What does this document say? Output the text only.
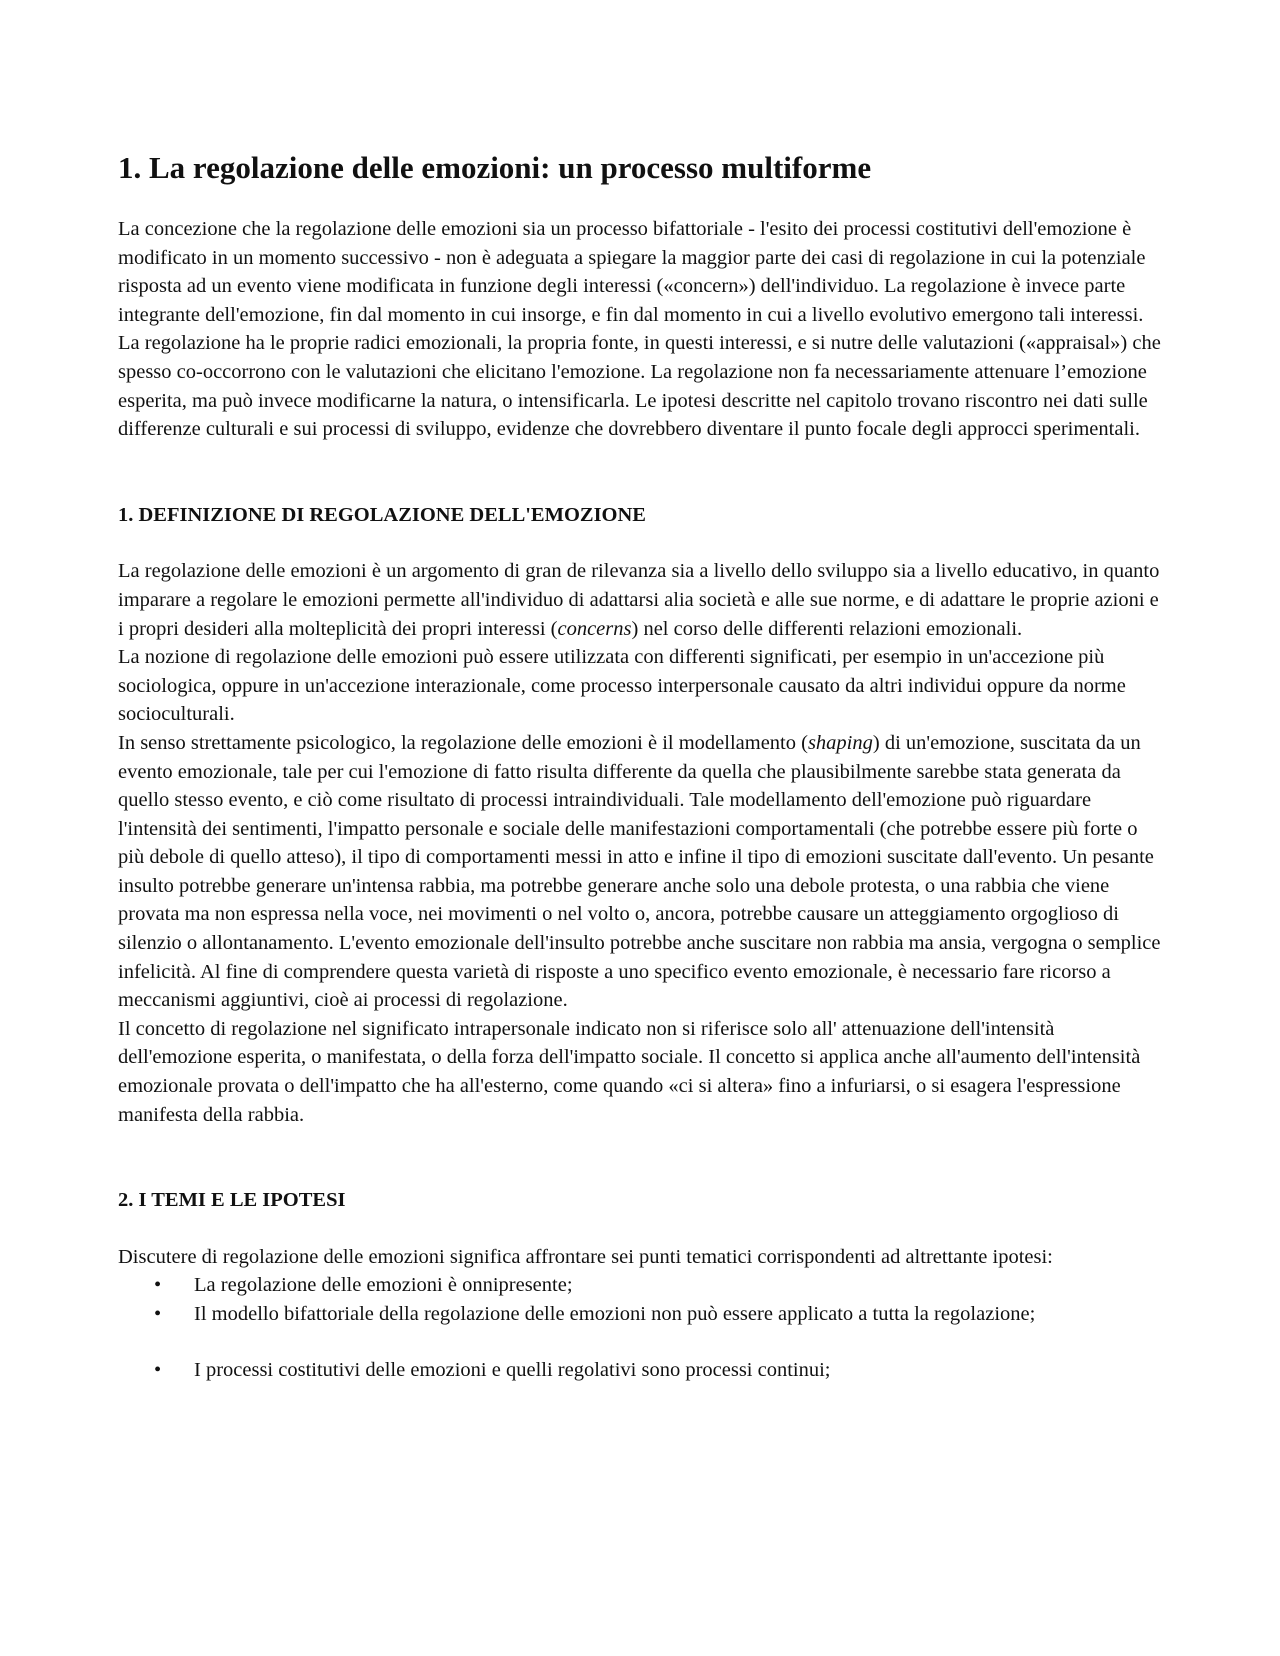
1. La regolazione delle emozioni: un processo multiforme

La concezione che la regolazione delle emozioni sia un processo bifattoriale - l'esito dei processi costitutivi dell'emozione è modificato in un momento successivo - non è adeguata a spiegare la maggior parte dei casi di regolazione in cui la potenziale risposta ad un evento viene modificata in funzione degli interessi («concern») dell'individuo. La regolazione è invece parte integrante dell'emozione, fin dal momento in cui insorge, e fin dal momento in cui a livello evolutivo emergono tali interessi. La regolazione ha le proprie radici emozionali, la propria fonte, in questi interessi, e si nutre delle valutazioni («appraisal») che spesso co-occorrono con le valutazioni che elicitano l'emozione. La regolazione non fa necessariamente attenuare l’emozione esperita, ma può invece modificarne la natura, o intensificarla. Le ipotesi descritte nel capitolo trovano riscontro nei dati sulle differenze culturali e sui processi di sviluppo, evidenze che dovrebbero diventare il punto focale degli approcci sperimentali.

1. DEFINIZIONE DI REGOLAZIONE DELL'EMOZIONE

La regolazione delle emozioni è un argomento di gran de rilevanza sia a livello dello sviluppo sia a livello educativo, in quanto imparare a regolare le emozioni permette all'individuo di adattarsi alia società e alle sue norme, e di adattare le proprie azioni e i propri desideri alla molteplicità dei propri interessi (concerns) nel corso delle differenti relazioni emozionali.

La nozione di regolazione delle emozioni può essere utilizzata con differenti significati, per esempio in un'accezione più sociologica, oppure in un'accezione interazionale, come processo interpersonale causato da altri individui oppure da norme socioculturali.

In senso strettamente psicologico, la regolazione delle emozioni è il modellamento (shaping) di un'emozione, suscitata da un evento emozionale, tale per cui l'emozione di fatto risulta differente da quella che plausibilmente sarebbe stata generata da quello stesso evento, e ciò come risultato di processi intraindividuali. Tale modellamento dell'emozione può riguardare l'intensità dei sentimenti, l'impatto personale e sociale delle manifestazioni comportamentali (che potrebbe essere più forte o più debole di quello atteso), il tipo di comportamenti messi in atto e infine il tipo di emozioni suscitate dall'evento. Un pesante insulto potrebbe generare un'intensa rabbia, ma potrebbe generare anche solo una debole protesta, o una rabbia che viene provata ma non espressa nella voce, nei movimenti o nel volto o, ancora, potrebbe causare un atteggiamento orgoglioso di silenzio o allontanamento. L'evento emozionale dell'insulto potrebbe anche suscitare non rabbia ma ansia, vergogna o semplice infelicità. Al fine di comprendere questa varietà di risposte a uno specifico evento emozionale, è necessario fare ricorso a meccanismi aggiuntivi, cioè ai processi di regolazione.

Il concetto di regolazione nel significato intrapersonale indicato non si riferisce solo all' attenuazione dell'intensità dell'emozione esperita, o manifestata, o della forza dell'impatto sociale. Il concetto si applica anche all'aumento dell'intensità emozionale provata o dell'impatto che ha all'esterno, come quando «ci si altera» fino a infuriarsi, o si esagera l'espressione manifesta della rabbia.

2. I TEMI E LE IPOTESI

Discutere di regolazione delle emozioni significa affrontare sei punti tematici corrispondenti ad altrettante ipotesi:

• La regolazione delle emozioni è onnipresente;
• Il modello bifattoriale della regolazione delle emozioni non può essere applicato a tutta la regolazione;
• I processi costitutivi delle emozioni e quelli regolativi sono processi continui;
